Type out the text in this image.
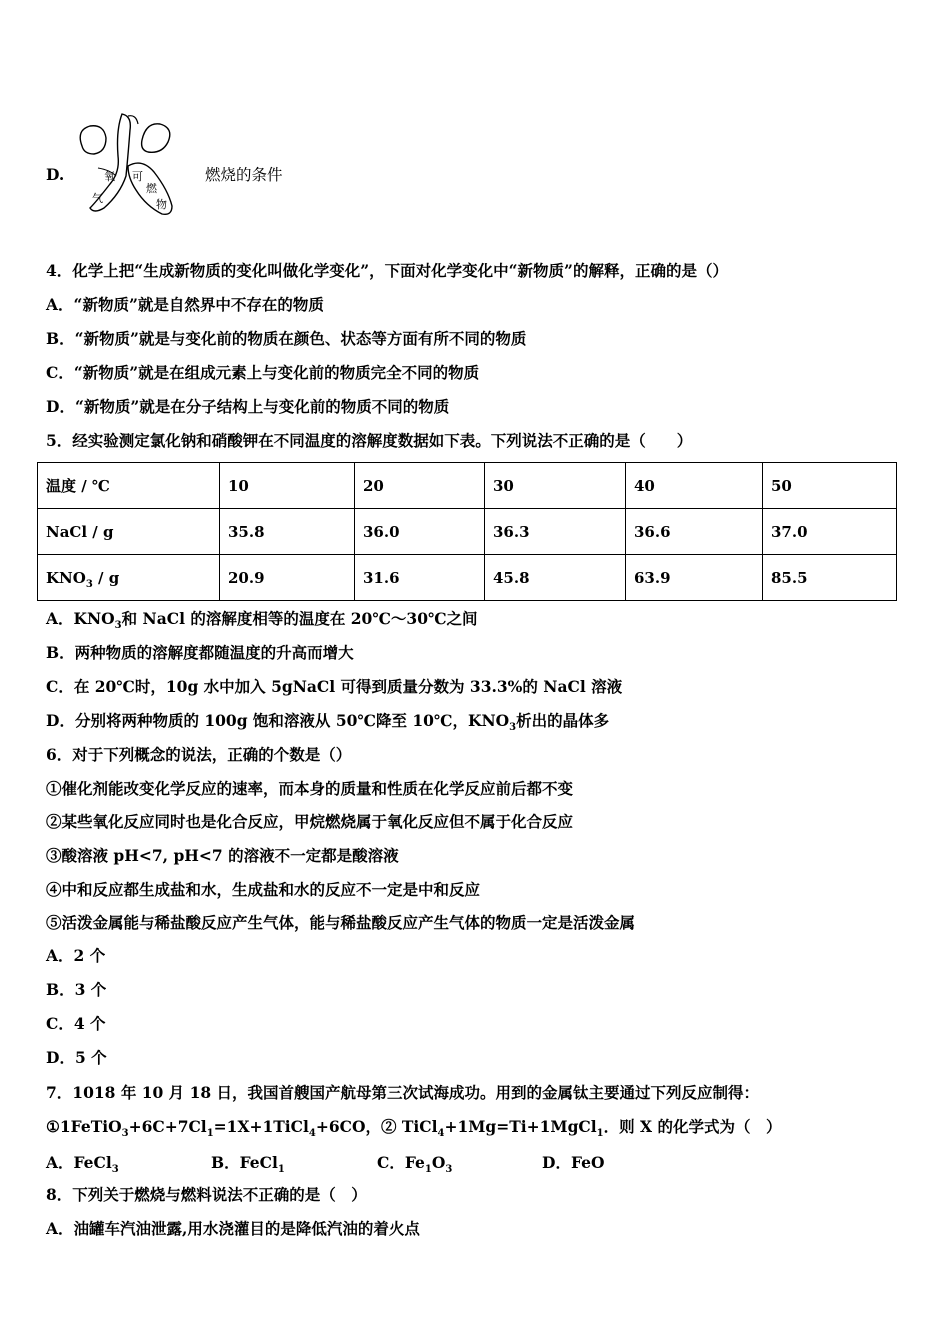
D.	氧
气
可
燃
物
燃烧的条件
4．化学上把“生成新物质的变化叫做化学变化”，下面对化学变化中“新物质”的解释，正确的是（）
A．“新物质”就是自然界中不存在的物质
B．“新物质”就是与变化前的物质在颜色、状态等方面有所不同的物质
C．“新物质”就是在组成元素上与变化前的物质完全不同的物质
D．“新物质”就是在分子结构上与变化前的物质不同的物质
5．经实验测定氯化钠和硝酸钾在不同温度的溶解度数据如下表。下列说法不正确的是（　　）
温度 / ℃	10	20	30	40	50
NaCl / g	35.8	36.0	36.3	36.6	37.0
$KNO_3$ / g	20.9	31.6	45.8	63.9	85.5
A．$KNO_3$和 NaCl 的溶解度相等的温度在 20℃～30℃之间
B．两种物质的溶解度都随温度的升高而增大
C．在 20℃时，10g 水中加入 5gNaCl 可得到质量分数为 33.3%的 NaCl 溶液
D．分别将两种物质的 100g 饱和溶液从 50℃降至 10℃，$KNO_3$析出的晶体多
6．对于下列概念的说法，正确的个数是（）
①催化剂能改变化学反应的速率，而本身的质量和性质在化学反应前后都不变
②某些氧化反应同时也是化合反应，甲烷燃烧属于氧化反应但不属于化合反应
③酸溶液 pH<7, pH<7 的溶液不一定都是酸溶液
④中和反应都生成盐和水，生成盐和水的反应不一定是中和反应
⑤活泼金属能与稀盐酸反应产生气体，能与稀盐酸反应产生气体的物质一定是活泼金属
A．2 个
B．3 个
C．4 个
D．5 个
7．1018 年 10 月 18 日，我国首艘国产航母第三次试海成功。用到的金属钛主要通过下列反应制得：
$①1FeTiO_3+6C+7Cl_1=1X+1TiCl_4+6CO$，② TiCl$_4$+1Mg=Ti+1MgCl$_1$．则 X 的化学式为（　）
A．FeCl$_3$	B．FeCl$_1$	C．$Fe_1O_3$	D．FeO
8．下列关于燃烧与燃料说法不正确的是（　）
A．油罐车汽油泄露,用水浇灌目的是降低汽油的着火点
